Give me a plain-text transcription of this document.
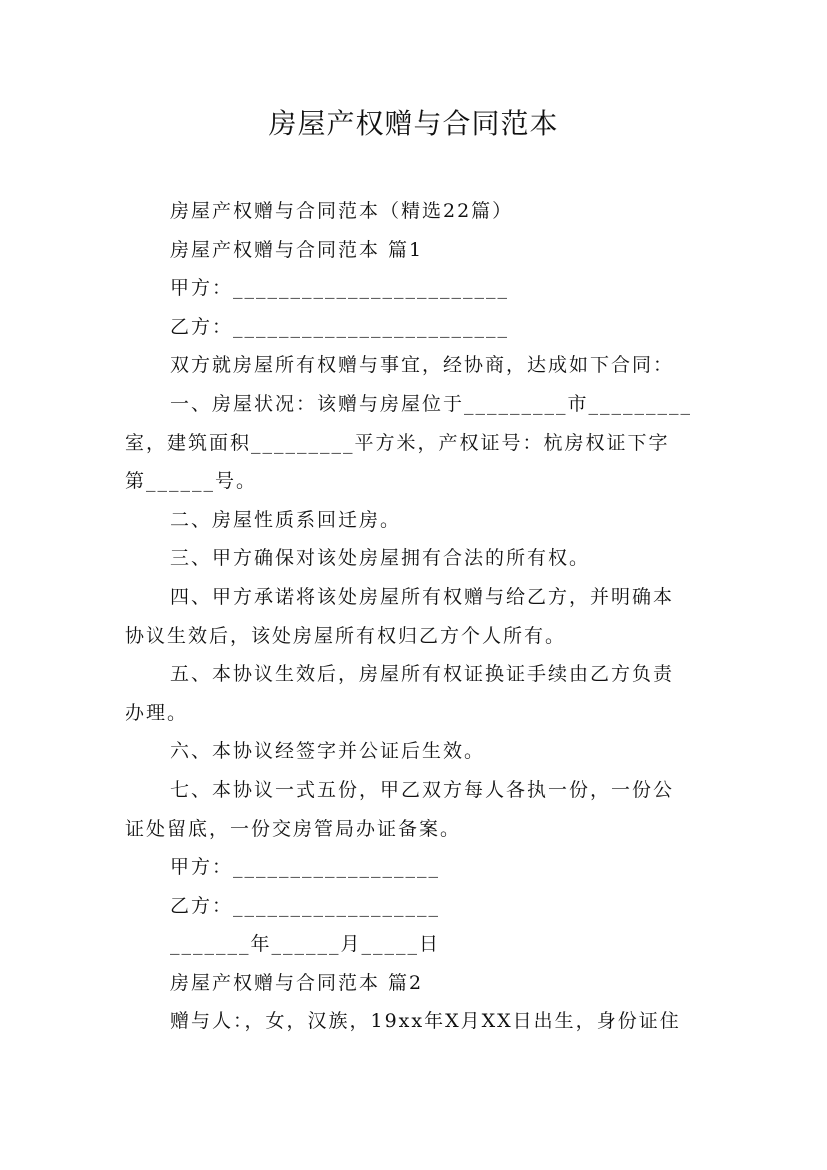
房屋产权赠与合同范本

房屋产权赠与合同范本（精选22篇）

房屋产权赠与合同范本 篇1

甲方：________________________

乙方：________________________

双方就房屋所有权赠与事宜，经协商，达成如下合同：

一、房屋状况：该赠与房屋位于_________市_________

室，建筑面积_________平方米，产权证号：杭房权证下字

第______号。

二、房屋性质系回迁房。

三、甲方确保对该处房屋拥有合法的所有权。

四、甲方承诺将该处房屋所有权赠与给乙方，并明确本

协议生效后，该处房屋所有权归乙方个人所有。

五、本协议生效后，房屋所有权证换证手续由乙方负责

办理。

六、本协议经签字并公证后生效。

七、本协议一式五份，甲乙双方每人各执一份，一份公

证处留底，一份交房管局办证备案。

甲方：__________________

乙方：__________________

_______年______月_____日

房屋产权赠与合同范本 篇2

赠与人：，女，汉族，19xx年X月XX日出生，身份证住
